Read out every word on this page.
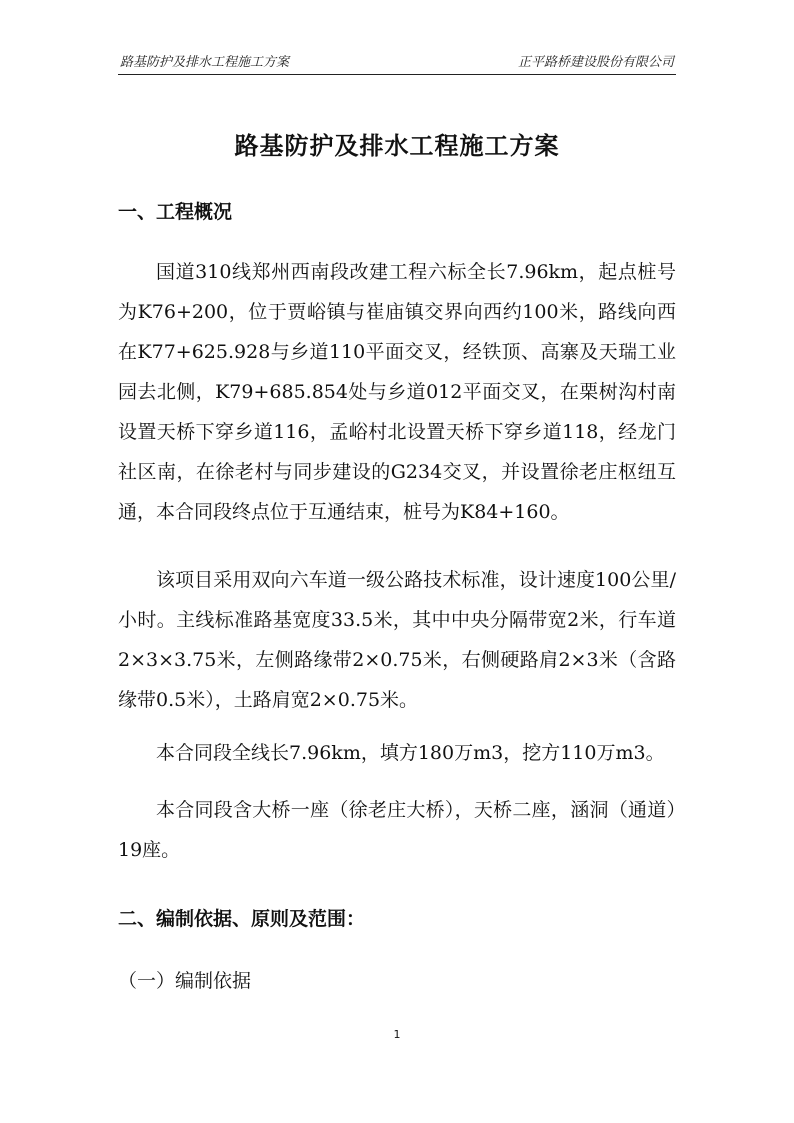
路基防护及排水工程施工方案	正平路桥建设股份有限公司
路基防护及排水工程施工方案
一、工程概况
国道310线郑州西南段改建工程六标全长7.96km，起点桩号为K76+200，位于贾峪镇与崔庙镇交界向西约100米，路线向西在K77+625.928与乡道110平面交叉，经铁顶、高寨及天瑞工业园去北侧，K79+685.854处与乡道012平面交叉，在栗树沟村南设置天桥下穿乡道116，孟峪村北设置天桥下穿乡道118，经龙门社区南，在徐老村与同步建设的G234交叉，并设置徐老庄枢纽互通，本合同段终点位于互通结束，桩号为K84+160。
该项目采用双向六车道一级公路技术标准，设计速度100公里/小时。主线标准路基宽度33.5米，其中中央分隔带宽2米，行车道2×3×3.75米，左侧路缘带2×0.75米，右侧硬路肩2×3米（含路缘带0.5米），土路肩宽2×0.75米。
本合同段全线长7.96km，填方180万m3，挖方110万m3。
本合同段含大桥一座（徐老庄大桥），天桥二座，涵洞（通道）19座。
二、编制依据、原则及范围：
（一）编制依据
1
